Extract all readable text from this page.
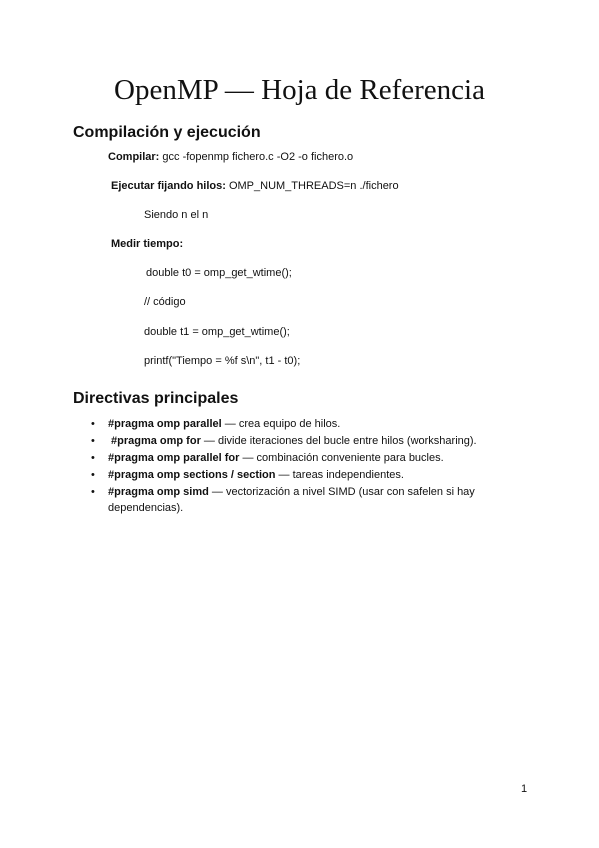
OpenMP — Hoja de Referencia
Compilación y ejecución
Compilar: gcc -fopenmp fichero.c -O2 -o fichero.o
Ejecutar fijando hilos: OMP_NUM_THREADS=n ./fichero
Siendo n el n
Medir tiempo:
double t0 = omp_get_wtime();
// código
double t1 = omp_get_wtime();
printf("Tiempo = %f s\n", t1 - t0);
Directivas principales
•	#pragma omp parallel — crea equipo de hilos.
•	#pragma omp for — divide iteraciones del bucle entre hilos (worksharing).
•	#pragma omp parallel for — combinación conveniente para bucles.
•	#pragma omp sections / section — tareas independientes.
•	#pragma omp simd — vectorización a nivel SIMD (usar con safelen si hay dependencias).
1
